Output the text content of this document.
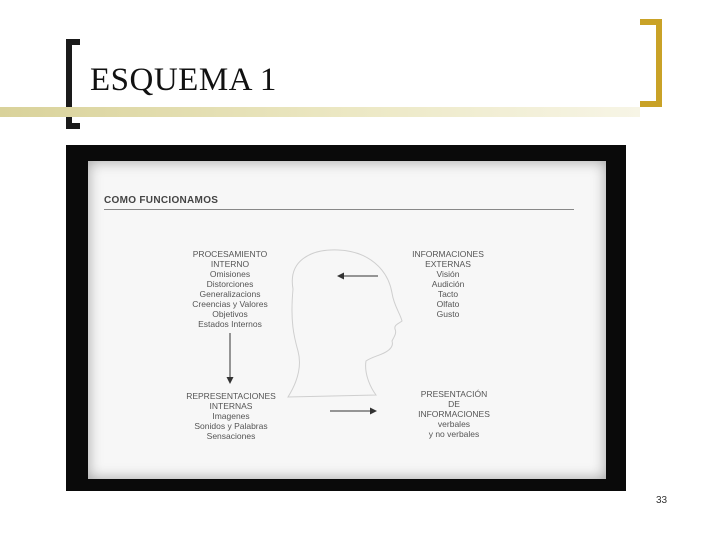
ESQUEMA 1
COMO FUNCIONAMOS
PROCESAMIENTO
INTERNO
Omisiones
Distorciones
Generalizacions
Creencias y Valores
Objetivos
Estados Internos
INFORMACIONES
EXTERNAS
Visión
Audición
Tacto
Olfato
Gusto
REPRESENTACIONES
INTERNAS
Imagenes
Sonidos y Palabras
Sensaciones
PRESENTACIÓN
DE
INFORMACIONES
verbales
y no verbales
33
